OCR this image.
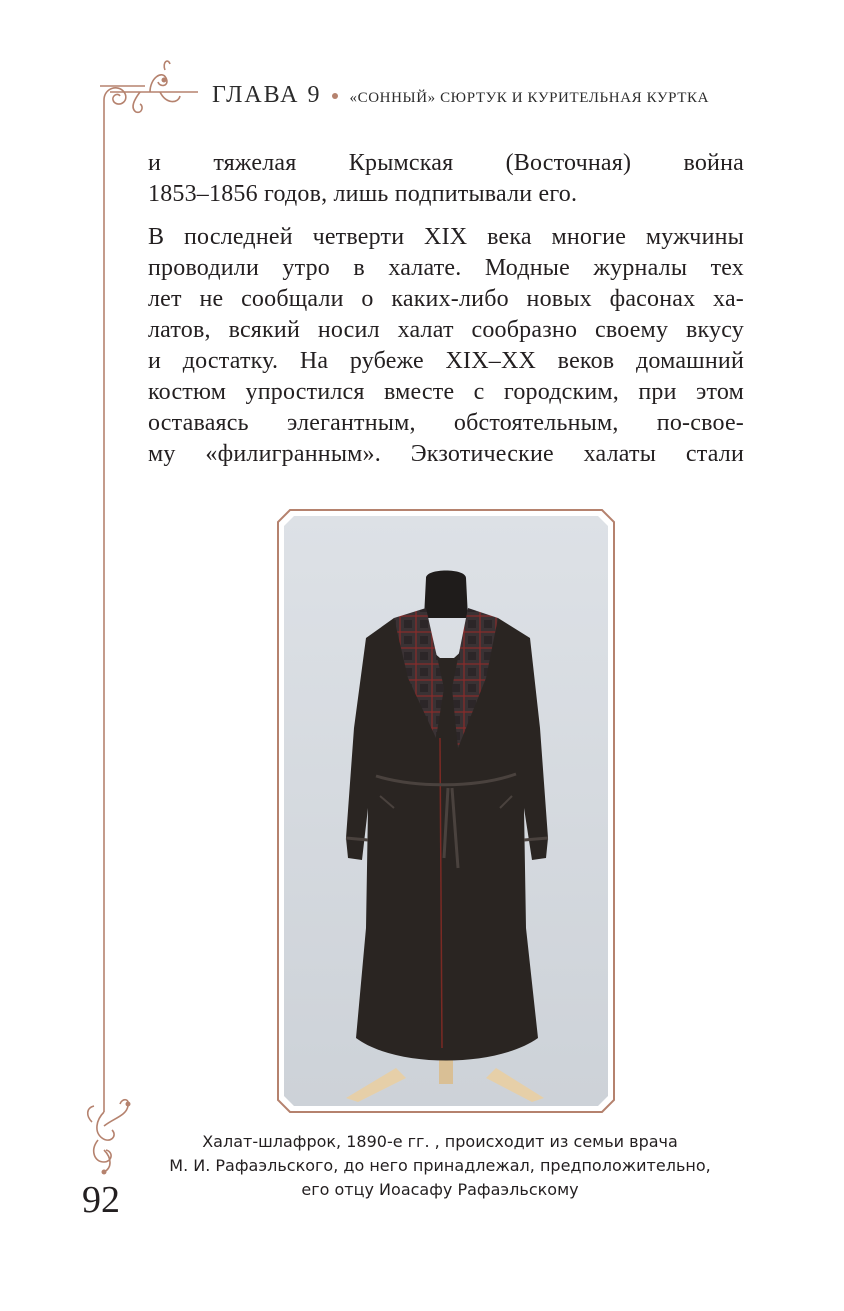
ГЛАВА 9 «СОННЫЙ» СЮРТУК И КУРИТЕЛЬНАЯ КУРТКА

и тяжелая Крымская (Восточная) война
1853–1856 годов, лишь подпитывали его.

В последней четверти XIX века многие мужчины
проводили утро в халате. Модные журналы тех
лет не сообщали о каких-либо новых фасонах ха-
латов, всякий носил халат сообразно своему вкусу
и достатку. На рубеже XIX–XX веков домашний
костюм упростился вместе с городским, при этом
оставаясь элегантным, обстоятельным, по-свое-
му «филигранным». Экзотические халаты стали

Халат-шлафрок, 1890-е гг. , происходит из семьи врача
М. И. Рафаэльского, до него принадлежал, предположительно,
его отцу Иоасафу Рафаэльскому
92
